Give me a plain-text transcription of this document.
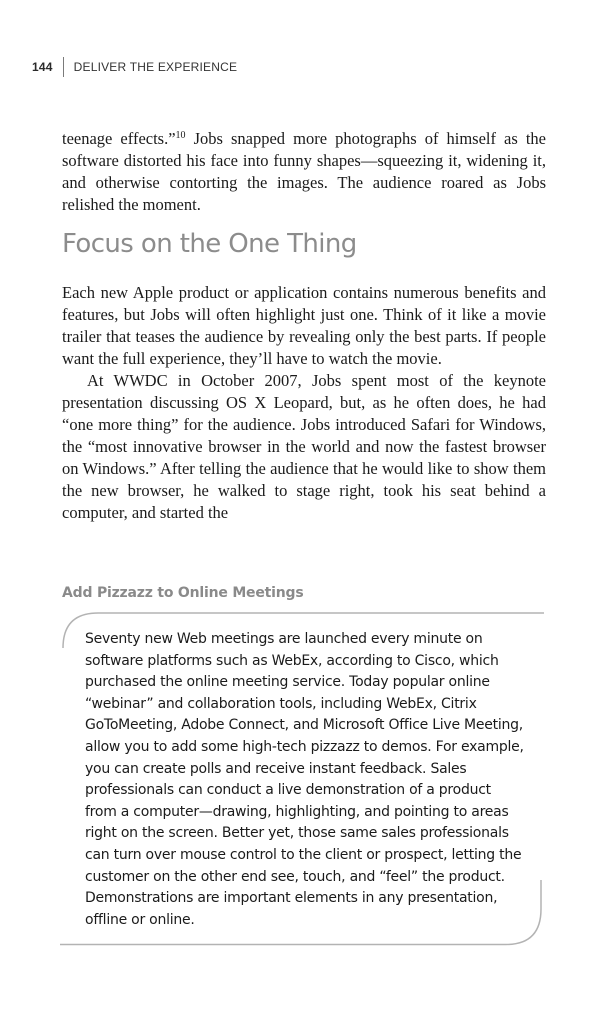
144 DELIVER THE EXPERIENCE

teenage effects.”$^{10}$ Jobs snapped more photographs of himself as the software distorted his face into funny shapes—squeezing it, widening it, and otherwise contorting the images. The audience roared as Jobs relished the moment.

Focus on the One Thing

Each new Apple product or application contains numerous benefits and features, but Jobs will often highlight just one. Think of it like a movie trailer that teases the audience by revealing only the best parts. If people want the full experience, they’ll have to watch the movie.

At WWDC in October 2007, Jobs spent most of the keynote presentation discussing OS X Leopard, but, as he often does, he had “one more thing” for the audience. Jobs introduced Safari for Windows, the “most innovative browser in the world and now the fastest browser on Windows.” After telling the audience that he would like to show them the new browser, he walked to stage right, took his seat behind a computer, and started the

Add Pizzazz to Online Meetings

Seventy new Web meetings are launched every minute on software platforms such as WebEx, according to Cisco, which purchased the online meeting service. Today popular online “webinar” and collaboration tools, including WebEx, Citrix GoToMeeting, Adobe Connect, and Microsoft Office Live Meeting, allow you to add some high-tech pizzazz to demos. For example, you can create polls and receive instant feedback. Sales professionals can conduct a live demonstration of a product from a computer—drawing, highlighting, and pointing to areas right on the screen. Better yet, those same sales professionals can turn over mouse control to the client or prospect, letting the customer on the other end see, touch, and “feel” the product. Demonstrations are important elements in any presentation, offline or online.
